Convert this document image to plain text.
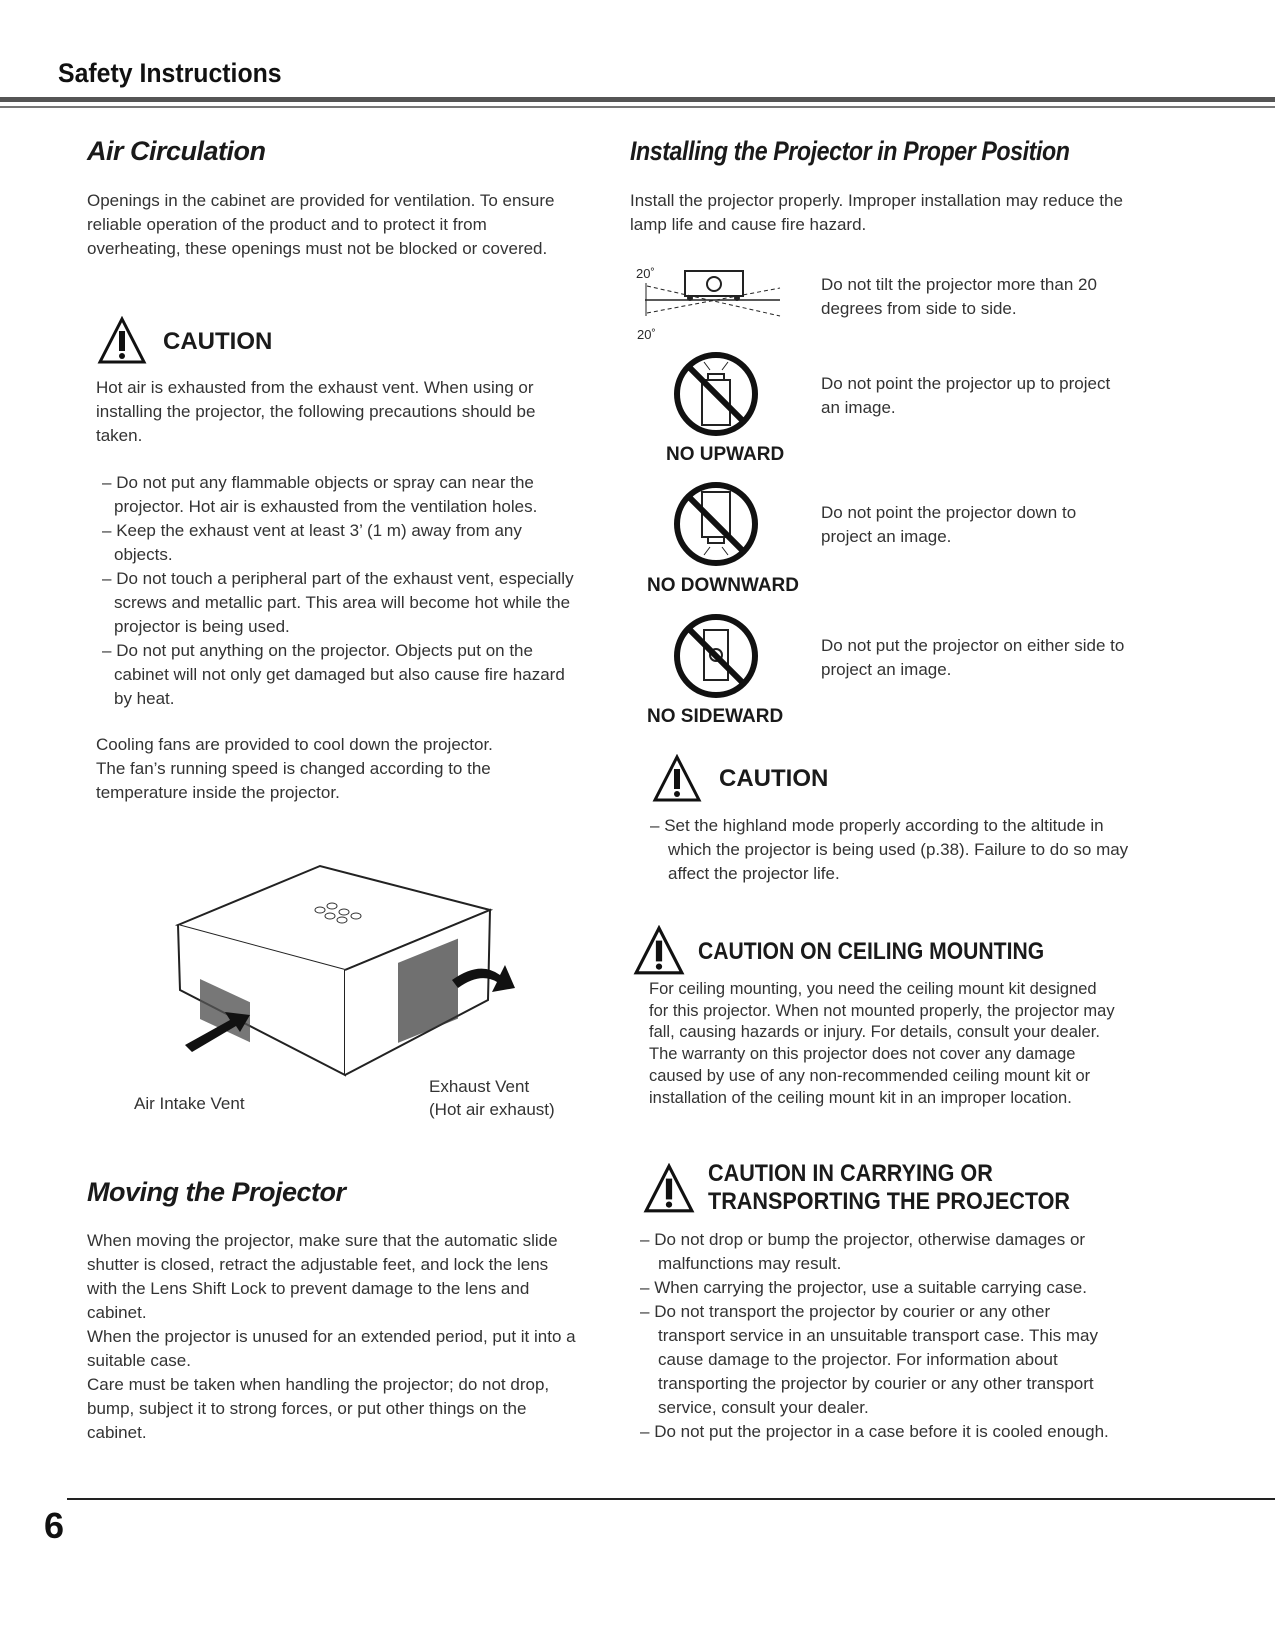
Safety Instructions
Air Circulation
Openings in the cabinet are provided for ventilation. To ensure reliable operation of the product and to protect it from overheating, these openings must not be blocked or covered.
CAUTION
Hot air is exhausted from the exhaust vent. When using or installing the projector, the following precautions should be taken.
– Do not put any flammable objects or spray can near the projector. Hot air is exhausted from the ventilation holes.
– Keep the exhaust vent at least 3’ (1 m) away from any objects.
– Do not touch a peripheral part of the exhaust vent, especially screws and metallic part. This area will become hot while the projector is being used.
– Do not put anything on the projector. Objects put on the cabinet will not only get damaged but also cause fire hazard by heat.
Cooling fans are provided to cool down the projector. The fan’s running speed is changed according to the temperature inside the projector.
Air Intake Vent
Exhaust Vent
(Hot air exhaust)
Moving the Projector
When moving the projector, make sure that the automatic slide shutter is closed, retract the adjustable feet, and lock the lens with the Lens Shift Lock to prevent damage to the lens and cabinet.
When the projector is unused for an extended period, put it into a suitable case.
Care must be taken when handling the projector; do not drop, bump, subject it to strong forces, or put other things on the cabinet.
Installing the Projector in Proper Position
Install the projector properly. Improper installation may reduce the lamp life and cause fire hazard.
20˚
20˚
Do not tilt the projector more than 20 degrees from side to side.
NO UPWARD
Do not point the projector up to project an image.
NO DOWNWARD
Do not point the projector down to project an image.
NO SIDEWARD
Do not put the projector on either side to project an image.
CAUTION
– Set the highland mode properly according to the altitude in which the projector is being used (p.38). Failure to do so may affect the projector life.
CAUTION ON CEILING MOUNTING
For ceiling mounting, you need the ceiling mount kit designed for this projector. When not mounted properly, the projector may fall, causing hazards or injury. For details, consult your dealer. The warranty on this projector does not cover any damage caused by use of any non-recommended ceiling mount kit or installation of the ceiling mount kit in an improper location.
CAUTION IN CARRYING OR
TRANSPORTING THE PROJECTOR
– Do not drop or bump the projector, otherwise damages or malfunctions may result.
– When carrying the projector, use a suitable carrying case.
– Do not transport the projector by courier or any other transport service in an unsuitable transport case. This may cause damage to the projector. For information about transporting the projector by courier or any other transport service, consult your dealer.
– Do not put the projector in a case before it is cooled enough.
6
